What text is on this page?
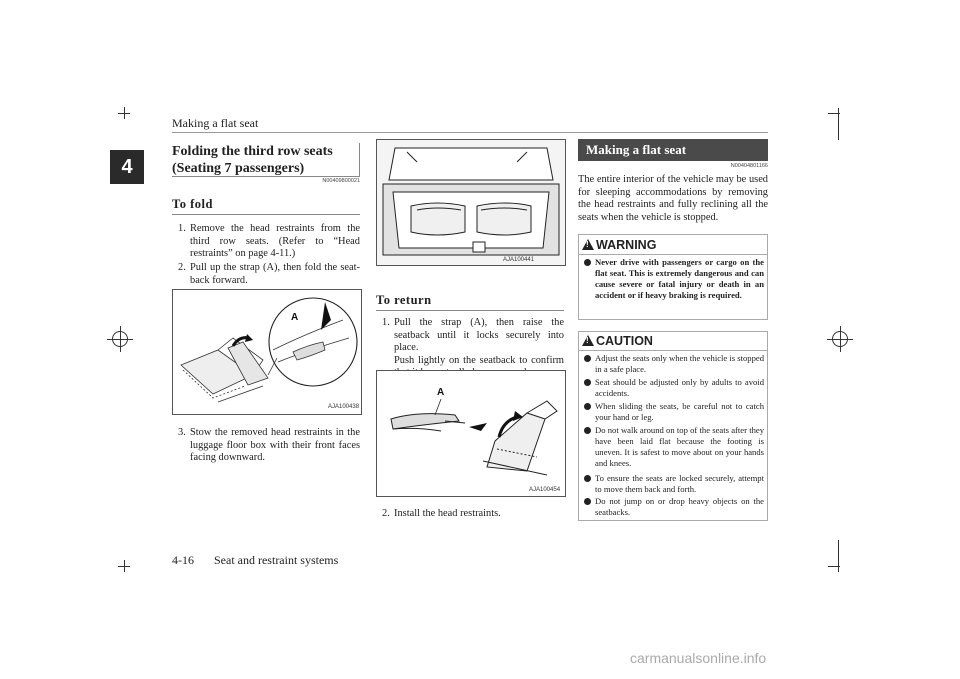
Making a flat seat
4
Folding the third row seats
(Seating 7 passengers)
N00409800021
To fold
1. Remove the head restraints from the third row seats. (Refer to “Head restraints” on page 4-11.)
2. Pull up the strap (A), then fold the seat-back forward.
A
AJA100438
3. Stow the removed head restraints in the luggage floor box with their front faces facing downward.
AJA100441
To return
1. Pull the strap (A), then raise the seatback until it locks securely into place.
Push lightly on the seatback to confirm
A
AJA100454
2. Install the head restraints.
Making a flat seat
N00404801166
The entire interior of the vehicle may be used for sleeping accommodations by removing the head restraints and fully reclining all the seats when the vehicle is stopped.
!WARNING
Never drive with passengers or cargo on the flat seat. This is extremely dangerous and can cause severe or fatal injury or death in an accident or if heavy braking is required.
!CAUTION
Adjust the seats only when the vehicle is stopped in a safe place.
Seat should be adjusted only by adults to avoid accidents.
When sliding the seats, be careful not to catch your hand or leg.
Do not walk around on top of the seats after they have been laid flat because the footing is uneven. It is safest to move about on your hands and knees.
To ensure the seats are locked securely, attempt to move them back and forth.
Do not jump on or drop heavy objects on the seatbacks.
4-16 Seat and restraint systems
carmanualsonline.info
